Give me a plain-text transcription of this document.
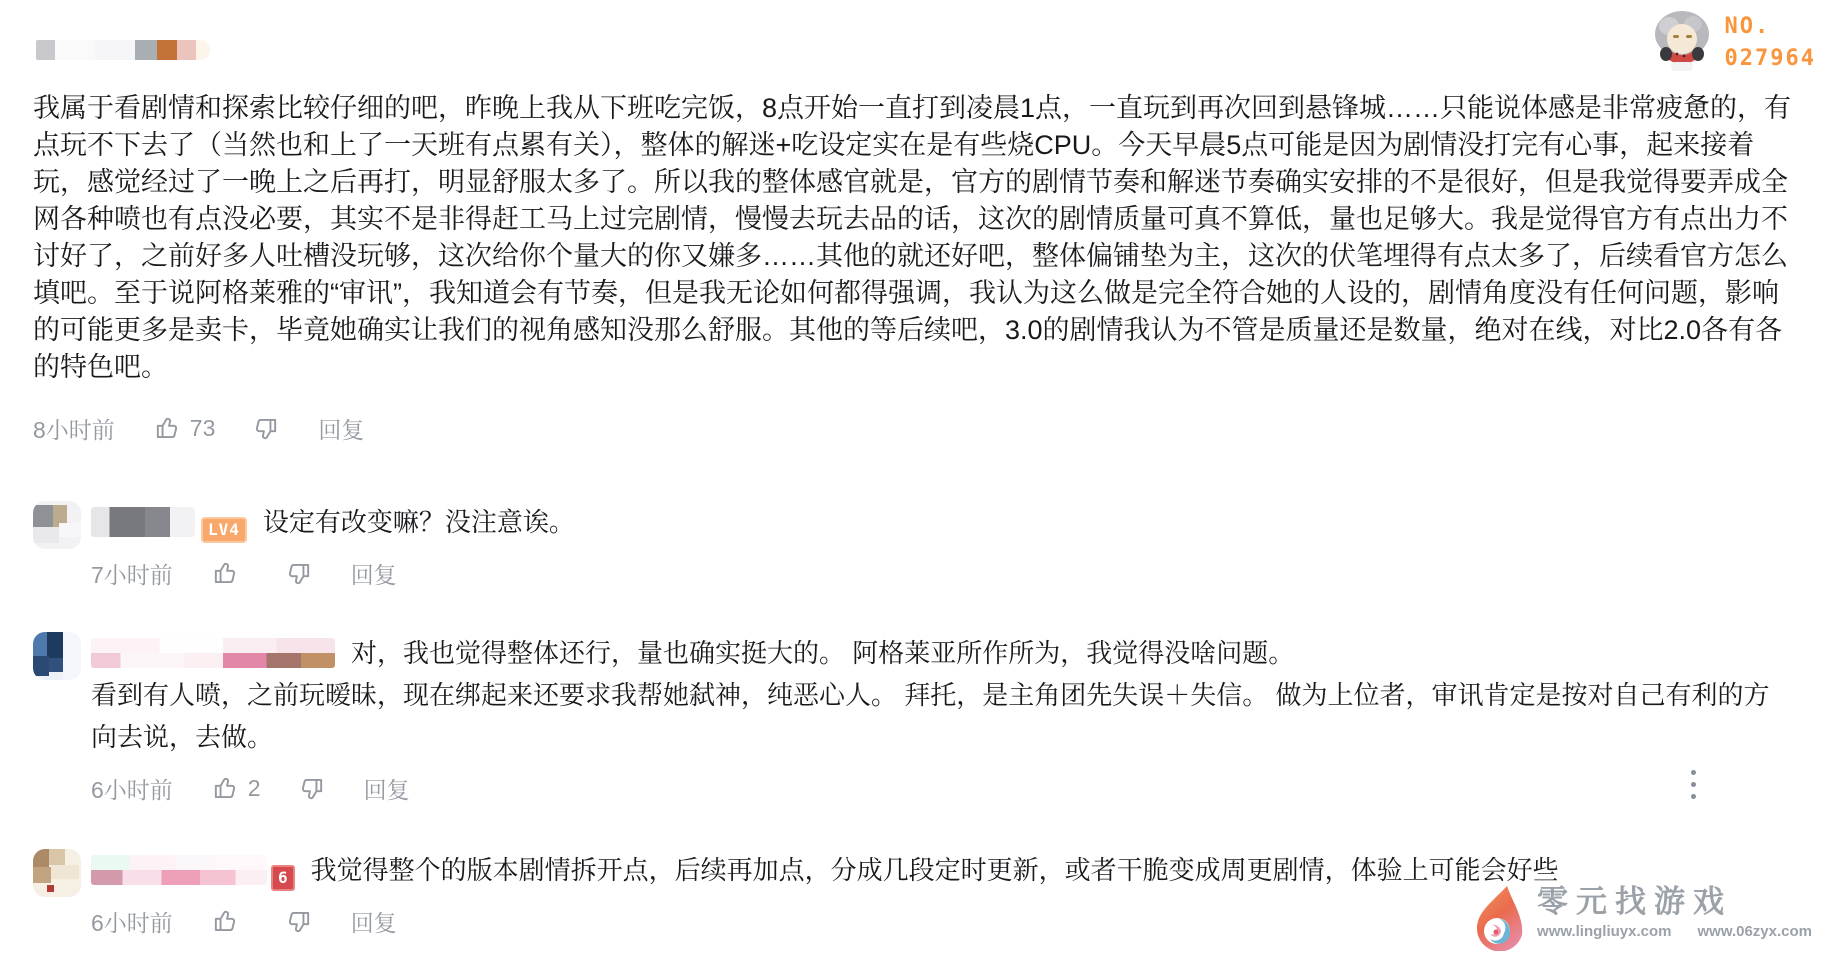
NO.
027964

我属于看剧情和探索比较仔细的吧，昨晚上我从下班吃完饭，8点开始一直打到凌晨1点，一直玩到再次回到悬锋城……只能说体感是非常疲惫的，有点玩不下去了（当然也和上了一天班有点累有关），整体的解迷+吃设定实在是有些烧CPU。今天早晨5点可能是因为剧情没打完有心事，起来接着玩，感觉经过了一晚上之后再打，明显舒服太多了。所以我的整体感官就是，官方的剧情节奏和解迷节奏确实安排的不是很好，但是我觉得要弄成全网各种喷也有点没必要，其实不是非得赶工马上过完剧情，慢慢去玩去品的话，这次的剧情质量可真不算低，量也足够大。我是觉得官方有点出力不讨好了，之前好多人吐槽没玩够，这次给你个量大的你又嫌多……其他的就还好吧，整体偏铺垫为主，这次的伏笔埋得有点太多了，后续看官方怎么填吧。至于说阿格莱雅的“审讯”，我知道会有节奏，但是我无论如何都得强调，我认为这么做是完全符合她的人设的，剧情角度没有任何问题，影响的可能更多是卖卡，毕竟她确实让我们的视角感知没那么舒服。其他的等后续吧，3.0的剧情我认为不管是质量还是数量，绝对在线，对比2.0各有各的特色吧。

8小时前	73	回复
LV4 设定有改变嘛？没注意诶。
7小时前	回复
对，我也觉得整体还行，量也确实挺大的。 阿格莱亚所作所为，我觉得没啥问题。
看到有人喷，之前玩暧昧，现在绑起来还要求我帮她弑神，纯恶心人。 拜托，是主角团先失误＋失信。 做为上位者，审讯肯定是按对自己有利的方向去说，去做。
6小时前	2	回复
6 我觉得整个的版本剧情拆开点，后续再加点，分成几段定时更新，或者干脆变成周更剧情，体验上可能会好些
6小时前	回复
零元找游戏
www.lingliuyx.com www.06zyx.com
